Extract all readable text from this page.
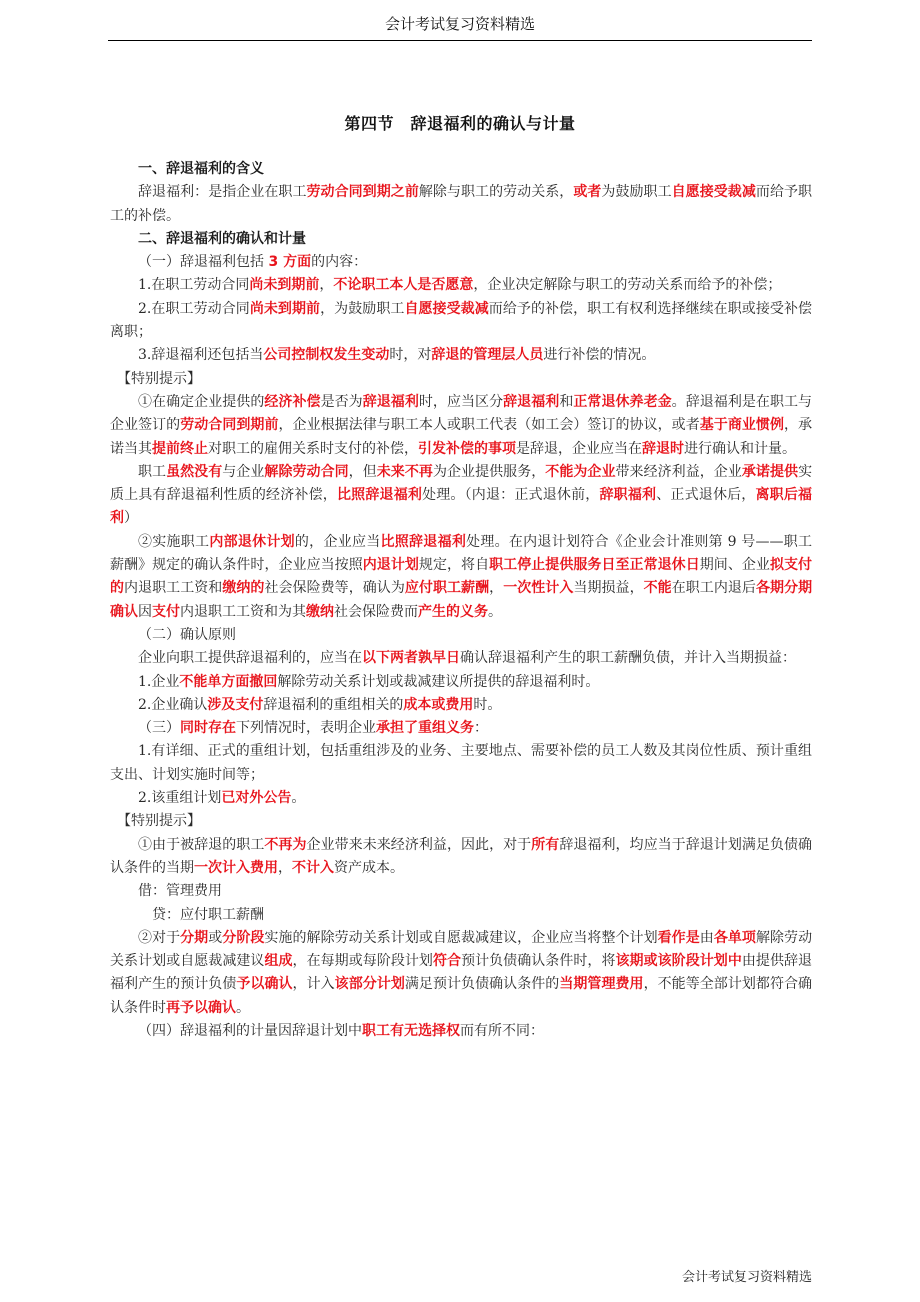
会计考试复习资料精选
第四节　辞退福利的确认与计量

一、辞退福利的含义

辞退福利：是指企业在职工劳动合同到期之前解除与职工的劳动关系，或者为鼓励职工自愿接受裁减而给予职工的补偿。

二、辞退福利的确认和计量

（一）辞退福利包括 3 方面的内容：

1.在职工劳动合同尚未到期前，不论职工本人是否愿意，企业决定解除与职工的劳动关系而给予的补偿；

2.在职工劳动合同尚未到期前，为鼓励职工自愿接受裁减而给予的补偿，职工有权利选择继续在职或接受补偿离职；

3.辞退福利还包括当公司控制权发生变动时，对辞退的管理层人员进行补偿的情况。

　【特别提示】

①在确定企业提供的经济补偿是否为辞退福利时，应当区分辞退福利和正常退休养老金。辞退福利是在职工与企业签订的劳动合同到期前，企业根据法律与职工本人或职工代表（如工会）签订的协议，或者基于商业惯例，承诺当其提前终止对职工的雇佣关系时支付的补偿，引发补偿的事项是辞退，企业应当在辞退时进行确认和计量。

职工虽然没有与企业解除劳动合同，但未来不再为企业提供服务，不能为企业带来经济利益，企业承诺提供实质上具有辞退福利性质的经济补偿，比照辞退福利处理。（内退：正式退休前，辞职福利、正式退休后，离职后福利）

②实施职工内部退休计划的，企业应当比照辞退福利处理。在内退计划符合《企业会计准则第 9 号——职工薪酬》规定的确认条件时，企业应当按照内退计划规定，将自职工停止提供服务日至正常退休日期间、企业拟支付的内退职工工资和缴纳的社会保险费等，确认为应付职工薪酬，一次性计入当期损益，不能在职工内退后各期分期确认因支付内退职工工资和为其缴纳社会保险费而产生的义务。

（二）确认原则

企业向职工提供辞退福利的，应当在以下两者孰早日确认辞退福利产生的职工薪酬负债，并计入当期损益：

1.企业不能单方面撤回解除劳动关系计划或裁减建议所提供的辞退福利时。

2.企业确认涉及支付辞退福利的重组相关的成本或费用时。

（三）同时存在下列情况时，表明企业承担了重组义务：

1.有详细、正式的重组计划，包括重组涉及的业务、主要地点、需要补偿的员工人数及其岗位性质、预计重组支出、计划实施时间等；

2.该重组计划已对外公告。

　【特别提示】

①由于被辞退的职工不再为企业带来未来经济利益，因此，对于所有辞退福利，均应当于辞退计划满足负债确认条件的当期一次计入费用，不计入资产成本。

借：管理费用

贷：应付职工薪酬

②对于分期或分阶段实施的解除劳动关系计划或自愿裁减建议，企业应当将整个计划看作是由各单项解除劳动关系计划或自愿裁减建议组成，在每期或每阶段计划符合预计负债确认条件时，将该期或该阶段计划中由提供辞退福利产生的预计负债予以确认，计入该部分计划满足预计负债确认条件的当期管理费用，不能等全部计划都符合确认条件时再予以确认。

（四）辞退福利的计量因辞退计划中职工有无选择权而有所不同：

会计考试复习资料精选
